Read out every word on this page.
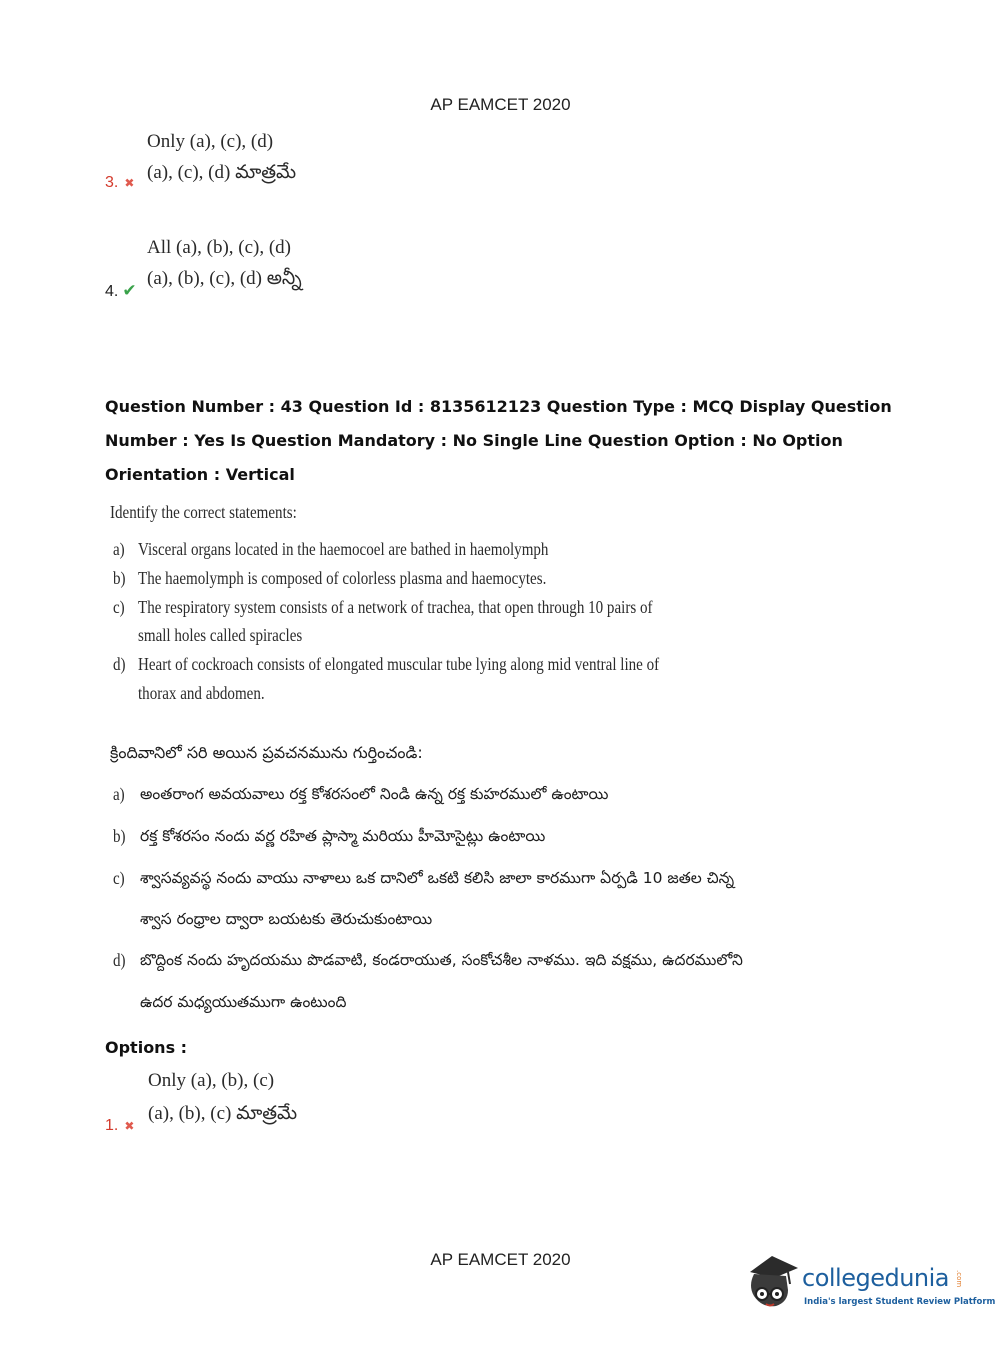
AP EAMCET 2020
Only (a), (c), (d)
(a), (c), (d) మాత్రమే
3. ✖
All (a), (b), (c), (d)
(a), (b), (c), (d) అన్నీ
4. ✔
Question Number : 43 Question Id : 8135612123 Question Type : MCQ Display Question
Number : Yes Is Question Mandatory : No Single Line Question Option : No Option
Orientation : Vertical
Identify the correct statements:
a) Visceral organs located in the haemocoel are bathed in haemolymph
b) The haemolymph is composed of colorless plasma and haemocytes.
c) The respiratory system consists of a network of trachea, that open through 10 pairs of
small holes called spiracles
d) Heart of cockroach consists of elongated muscular tube lying along mid ventral line of
thorax and abdomen.
క్రిందివానిలో సరి అయిన ప్రవచనమును గుర్తించండి:
a) అంతరాంగ అవయవాలు రక్త కోశరసంలో నిండి ఉన్న రక్త కుహరములో ఉంటాయి
b) రక్త కోశరసం నందు వర్ణ రహిత ప్లాస్మా మరియు హీమోసైట్లు ఉంటాయి
c) శ్వాసవ్యవస్థ నందు వాయు నాళాలు ఒక దానిలో ఒకటి కలిసి జాలా కారముగా ఏర్పడి 10 జతల చిన్న
శ్వాస రంధ్రాల ద్వారా బయటకు తెరుచుకుంటాయి
d) బొద్దింక నందు హృదయము పొడవాటి, కండరాయుత, సంకోచశీల నాళము. ఇది వక్షము, ఉదరములోని
ఉదర మధ్యయుతముగా ఉంటుంది
Options :
Only (a), (b), (c)
(a), (b), (c) మాత్రమే
1. ✖
AP EAMCET 2020
collegedunia .com
India's largest Student Review Platform
